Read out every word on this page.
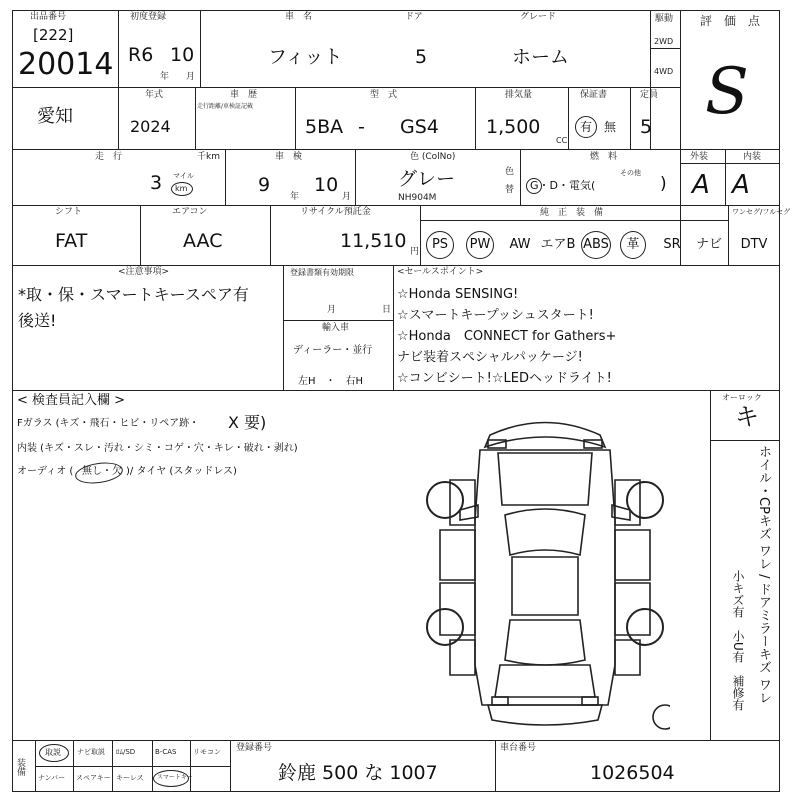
出品番号
[222]
20014
初度登録
R6 10
年 月
車　名
フィット
ドア
5
グレード
ホーム
駆動
2WD
4WD
評　価　点
S
愛知
年式
2024
車　歴
走行距離/車検証記載
型　式
5BA - GS4
排気量
1,500
CC
保証書
有 無
定員
5
走　行	千km
3 マイル
km
車　検
9
年
10
月
色 (ColNo)
グレー
NH904M
色
替
燃　料
G・D・電気(
その他
)
外装
A
内装
A
シフト
FAT
エアコン
AAC
リサイクル預託金
11,510 円
純　正　装　備
PS	PW AW エアB ABS	革	SR	ナビ
ワンセグ/フルセグ
DTV
<注意事項>
*取・保・スマートキースペア有
後送!
登録書類有効期限
月	日
輸入車
ディーラー・並行
左H　・　右H
<セールスポイント>
☆Honda SENSING!
☆スマートキープッシュスタート!
☆Honda　CONNECT for Gathers+
ナビ装着スペシャルパッケージ!
☆コンビシート!☆LEDヘッドライト!
< 検査員記入欄 >
Fガラス (キズ・飛石・ヒビ・リペア跡・ X 要)
内装 (キズ・スレ・汚れ・シミ・コゲ・穴・キレ・破れ・剥れ)
オーディオ ( 無し・欠 )/ タイヤ (スタッドレス)
オーロック
キ
ホイル・CPキズ ワレ / ドアミラーキズ ワレ
小キズ有　小U有　補修有
装備
取説 ナビ取説 ﾛﾑ/SD	B-CAS リモコン
ナンバー スペアキー キーレス スマートキー
登録番号
鈴鹿 500 な 1007
車台番号
1026504
